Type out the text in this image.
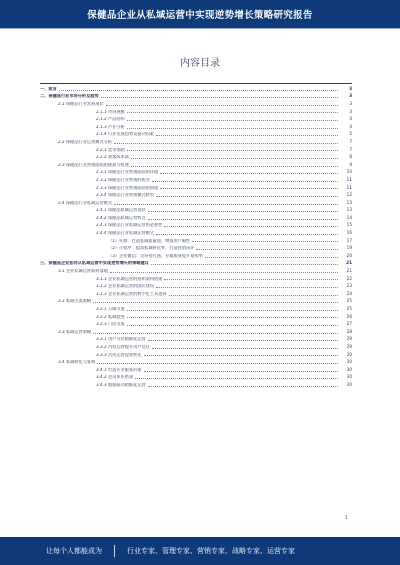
保健品企业从私域运营中实现逆势增长策略研究报告
内容目录
一、前言	3
二、保健品行业市场分析及趋势	3
2.1 保健品行业发展现状	3
2.1.1 市场规模	3
2.1.2 产品结构	4
2.1.3 产业分析	4
2.1.4 行业发展趋势及驱动因素	5
2.2 保健品行业运营痛点分析	7
2.2.1 竞争加剧	7
2.2.2 获客成本高	8
2.3 保健品行业营销面临的挑战与机遇	9
2.3.1 保健品行业营销面临的环境	10
2.3.2 保健品行业营销的机会	11
2.3.3 保健品行业营销面临的困境	11
2.3.4 保健品行业营销模式转型	12
2.4 保健品行业私域运营模式	13
2.4.1 保健品私域运营现状	13
2.4.2 保健品私域运营特点	14
2.4.3 保健品行业私域运营的必要性	15
2.4.4 保健品行业私域运营模式	16
（1）社群：打造私域流量池，增强用户黏性	17
（2）小程序：提高私域转化率，打造营销闭环	19
（3）企业微信：全场景打通，专属服务提升复购率	20
三、保健品企业如何从私域运营中实现逆势增长的策略建议	21
3.1 企业私域运营如何落地	21
3.1.1 企业私域运营的组织架构搭建	22
3.1.2 企业私域运营的团队建设	23
3.1.3 企业私域运营的数字化工具选择	24
3.2 私域引流策略	25
3.2.1 公域引流	25
3.2.2 私域裂变	26
3.2.3 门店引流	27
3.3 私域运营策略	28
3.3.1 用户分层精细化运营	29
3.3.2 内容运营提升用户信任	29
3.3.3 活动运营促进转化	30
3.4 私域转化与复购	30
3.4.1 打造专业服务形象	30
3.4.2 会员体系搭建	30
3.4.3 数据驱动精细化运营	30
1
让每个人都能成为	行业专家、管理专家、营销专家、战略专家、运营专家
